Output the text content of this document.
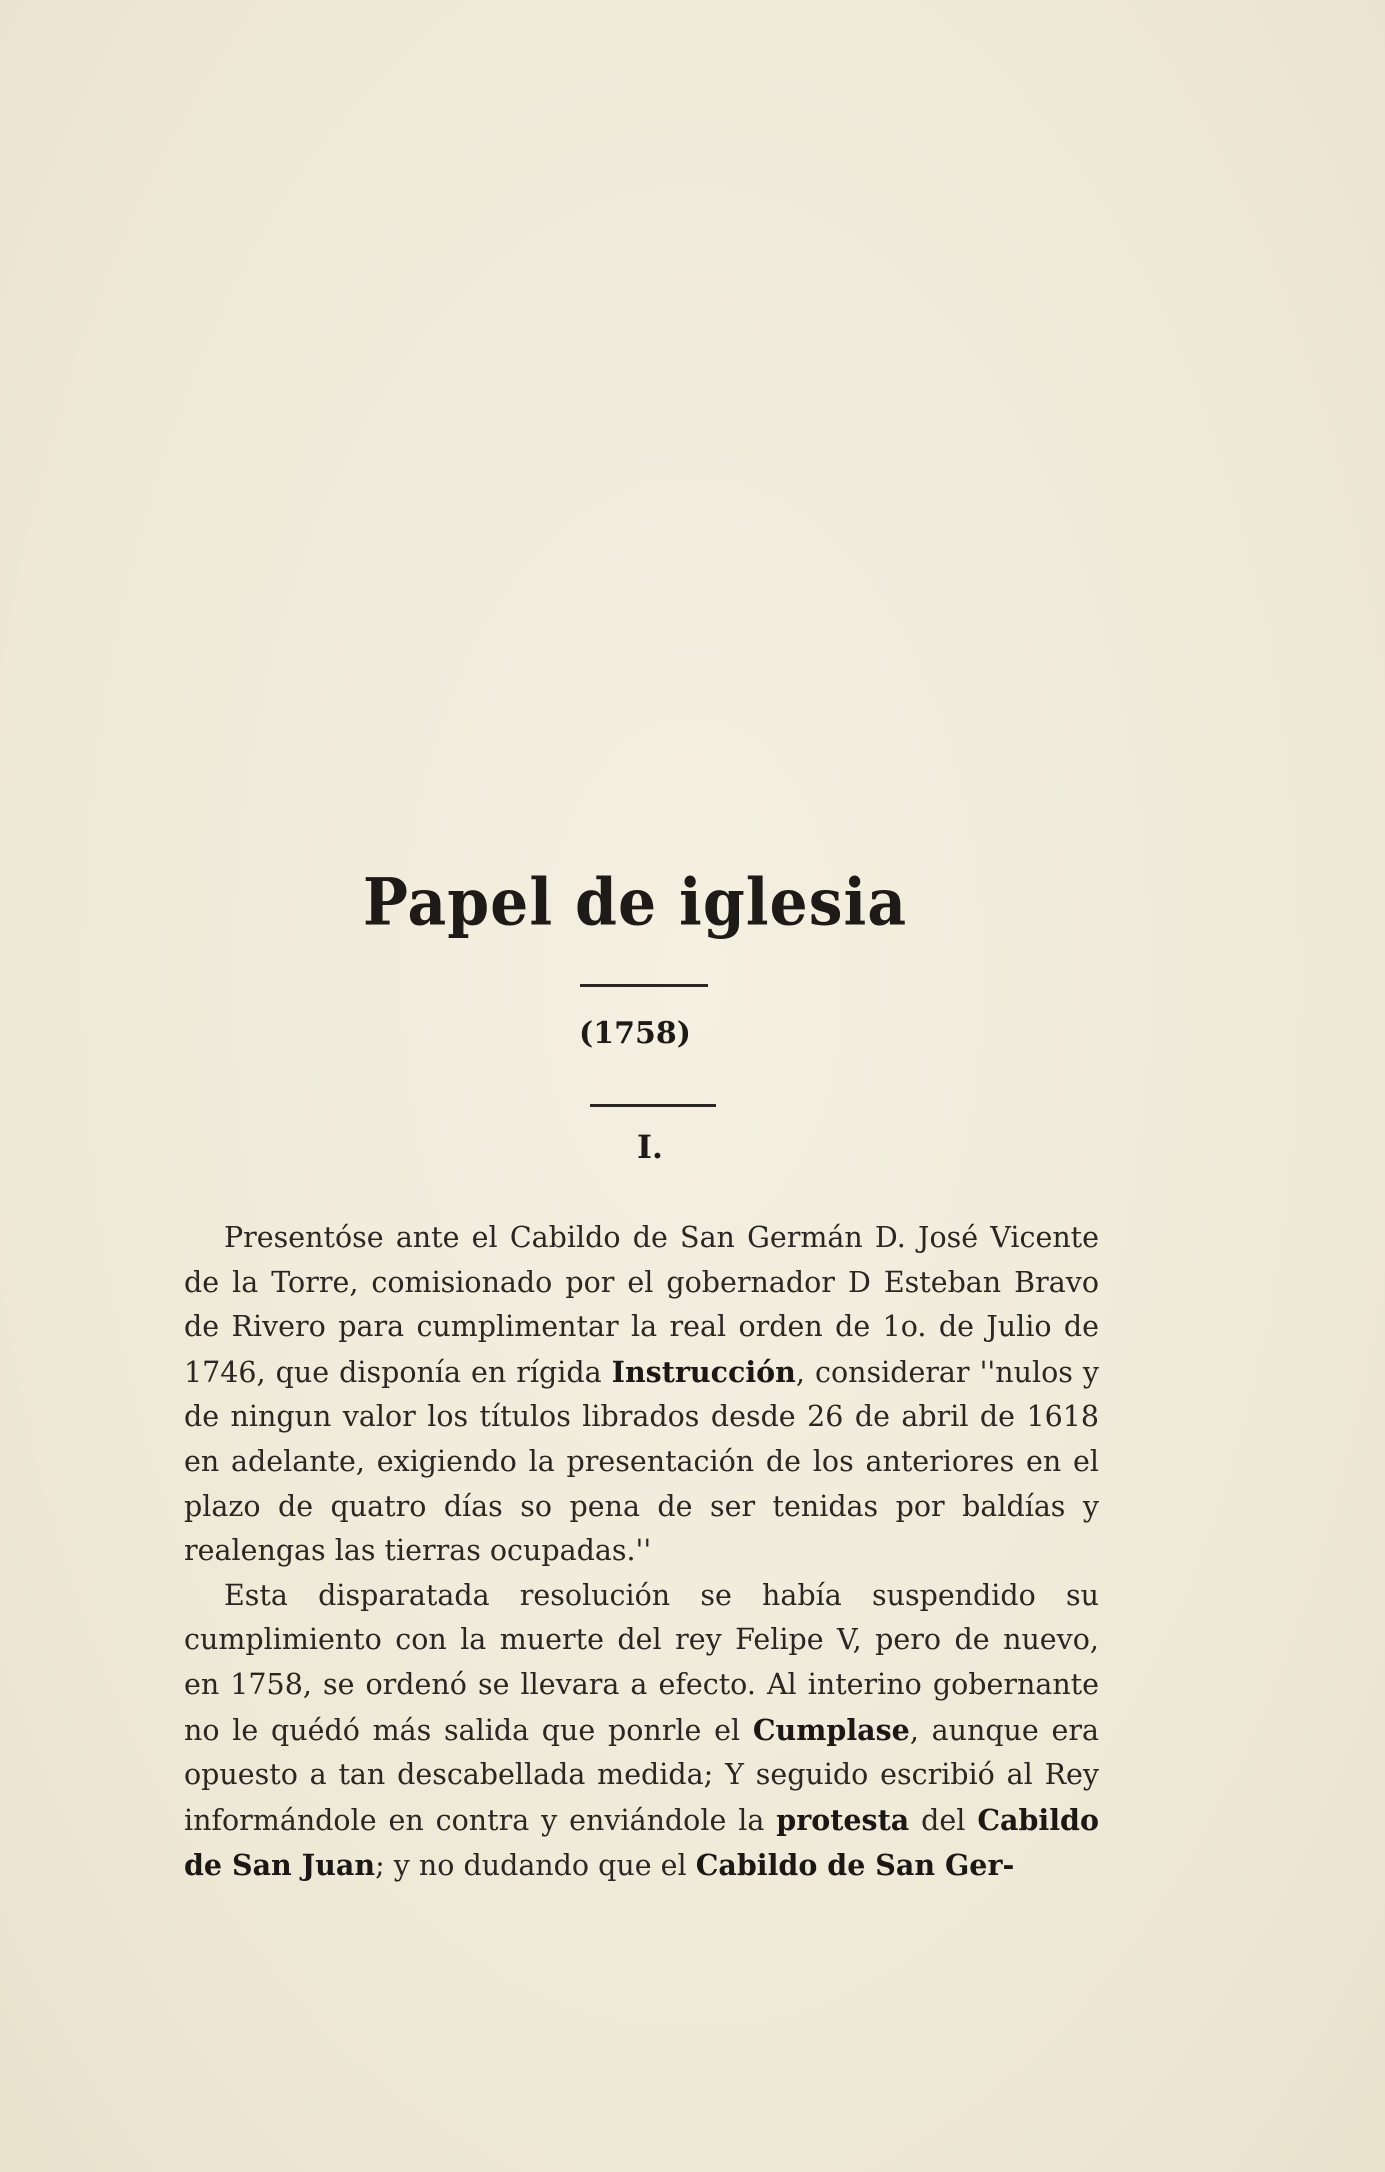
Papel de iglesia
(1758)
I.

Presentóse ante el Cabildo de San Germán D. José Vicente de la Torre, comisionado por el gobernador D Esteban Bravo de Rivero para cumplimentar la real orden de 1o. de Julio de 1746, que disponía en rígida Instrucción, considerar ''nulos y de ningun valor los títulos librados desde 26 de abril de 1618 en adelante, exigiendo la presentación de los anteriores en el plazo de quatro días so pena de ser tenidas por baldías y realengas las tierras ocupadas.''

Esta disparatada resolución se había suspendido su cumplimiento con la muerte del rey Felipe V, pero de nuevo, en 1758, se ordenó se llevara a efecto. Al interino gobernante no le quédó más salida que ponrle el Cumplase, aunque era opuesto a tan descabellada medida; Y seguido escribió al Rey informándole en contra y enviándole la protesta del Cabildo de San Juan; y no dudando que el Cabildo de San Ger-
